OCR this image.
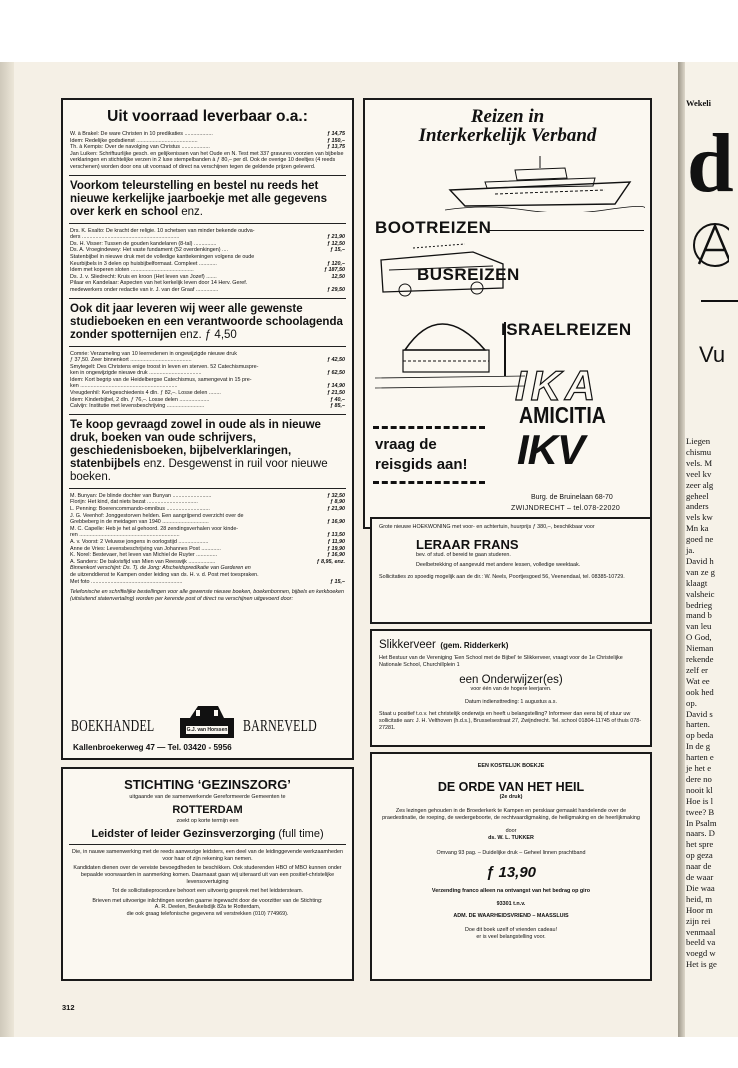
Uit voorraad leverbaar o.a.:
W. à Brakel: De ware Christen in 10 predikaties ...................	ƒ 14,75
Idem: Redelijke godsdienst .........................................	ƒ 150,–
Th. à Kempis: Over de navolging van Christus ...................	ƒ 13,75
Jan Luiken: Schriftuurlijke gesch. en gelijkenissen van het Oude en N. Test met 337 gravures voorzien van bijbelse verklaringen en stichtelijke verzen in 2 luxe stempelbanden à ƒ 80,– per dl. Ook de overige 10 deeltjes (4 reeds verschenen) worden door ons uit voorraad of direct na verschijnen tegen de geldende prijzen geleverd.
Voorkom teleurstelling en bestel nu reeds het nieuwe kerkelijke jaarboekje met alle gegevens over kerk en school enz.
Drs. K. Exalto: De kracht der religie. 10 schetsen van minder bekende oudva-
ders .................................................................	ƒ 21,90
Ds. H. Visser: Tussen de gouden kandelaren (8-tal) ...............	ƒ 12,50
Ds. A. Vroegindewey: Het vaste fundament (52 overdenkingen) ....	ƒ 15,–
Statenbijbel in nieuwe druk met de volledige kanttekeningen volgens de oude
Keurbijbels in 3 delen op huisbijbelformaat. Compleet ............	ƒ 120,–
Idem met koperen sloten ..........................................	ƒ 187,50
Ds. J. v. Sliedrecht: Kruis en kroon (Het leven van Jozef) .......	12,50
Pilaar en Kandelaar: Aspecten van het kerkelijk leven door 14 Herv. Geref.
medewerkers onder redactie van ir. J. van der Graaf ...............	ƒ 29,50
Ook dit jaar leveren wij weer alle gewenste studieboeken en een verantwoorde schoolagenda zonder spotternijen enz. ƒ 4,50
Comrie: Verzameling van 10 leerredenen in ongewijzigde nieuwe druk
ƒ 37,50. Zeer binnenkort .........................................	ƒ 42,50
Smytegelt: Des Christens enige troost in leven en sterven. 52 Catechismuspre-
ken in ongewijzigde nieuwe druk ...................................	ƒ 62,50
Idem: Kort begrip van de Heidelbergse Catechismus, samengevat in 15 pre-
ken .................................................................	ƒ 14,90
Vreugdenhil: Kerkgeschiedenis 4 dln. ƒ 82,–. Losse delen ........	ƒ 21,50
Idem: Kinderbijbel, 2 dln. ƒ 76,–. Losse delen ....................	ƒ 40,–
Calvijn: Institutie met levensbeschrijving .........................	ƒ 85,–
Te koop gevraagd zowel in oude als in nieuwe druk, boeken van oude schrijvers, geschiedenisboeken, bijbelverklaringen, statenbijbels enz. Desgewenst in ruil voor nieuwe boeken.
M. Bunyan: De blinde dochter van Bunyan ..........................	ƒ 32,50
Florijn: Het kind, dat niets bezat ..................................	ƒ 8,90
L. Penning: Boerencommando-omnibus .............................	ƒ 21,90
J. G. Veenhof: Jonggestorven helden. Een aangrijpend overzicht over de
Grebbeberg in de meidagen van 1940 ...............................	ƒ 16,90
M. C. Capelle: Heb je het al gehoord. 28 zendingsverhalen voor kinde-
ren ...................................................................	ƒ 13,50
A. v. Voorst: 2 Veluwse jongens in oorlogstijd ....................	ƒ 11,90
Anne de Vries: Levensbeschrijving van Johannes Post .............	ƒ 19,90
K. Norel: Bestevaer, het leven van Michiel de Ruyter ..............	ƒ 16,90
A. Sanders: De bakvisfijd van Mien van Reeswijk ..................	ƒ 8,95, enz.
Binnenkort verschijnt: Ds. Tj. de Jong: Afscheidspredikatie van Garderen en
de uitzenddienst te Kampen onder leiding van ds. H. v. d. Post met toespraken.
Met foto .............................................................	ƒ 15,–
Telefonische en schriftelijke bestellingen voor alle gewenste nieuwe boeken, boekenbonnen, bijbels en kerkboeken (uitsluitend statenvertaling) worden per kerende post of direct na verschijnen uitgevoerd door:
BOEKHANDEL	G.J. van Horssen BARNEVELD
Kallenbroekerweg 47 — Tel. 03420 - 5956
STICHTING ‘GEZINSZORG’
uitgaande van de samenwerkende Gereformeerde Gemeenten te
ROTTERDAM
zoekt op korte termijn een
Leidster of leider Gezinsverzorging (full time)
Die, in nauwe samenwerking met de reeds aanwezige leidsters, een deel van de leidinggevende werkzaamheden voor haar of zijn rekening kan nemen.
Kandidaten dienen over de vereiste bevoegdheden te beschikken. Ook studerenden HBO of MBO kunnen onder bepaalde voorwaarden in aanmerking komen. Daarnaast gaan wij uiteraard uit van een positief-christelijke levensovertuiging
Tot de sollicitatieprocedure behoort een uitvoerig gesprek met het leidstersteam.
Brieven met uitvoerige inlichtingen worden gaarne ingewacht door de voorzitter van de Stichting:
A. R. Deelen, Beukelsdijk 82a te Rotterdam,
die ook graag telefonische gegevens wil verstrekken (010) 774969).
312
Reizen in
Interkerkelijk Verband
BOOTREIZEN
BUSREIZEN
ISRAELREIZEN
IKA
AMICITIA
IKV
vraag de
reisgids aan!
Burg. de Bruinelaan 68-70
ZWIJNDRECHT – tel.078-22020
Grote nieuwe HOEKWONING met voor- en achtertuin, huurprijs ƒ 380,–, beschikbaar voor
LERAAR FRANS
bev. of stud. of bereid te gaan studeren.
Deelbetrekking of aangevuld met andere lessen, volledige weektaak.
Sollicitaties zo spoedig mogelijk aan de dir.: W. Neels, Poortjesgoed 56, Veenendaal, tel. 08385-10729.
Slikkerveer (gem. Ridderkerk)
Het Bestuur van de Vereniging ‘Een School met de Bijbel’ te Slikkerveer, vraagt voor de 1e Christelijke Nationale School, Churchillplein 1
een Onderwijzer(es)
voor één van de hogere leerjaren.
Datum indiensttreding: 1 augustus a.s.
Staat u positief t.o.v. het christelijk onderwijs en heeft u belangstelling? Informeer dan eens bij of stuur uw sollicitatie aan: J. H. Velthoven (h.d.s.), Brusselsestraat 27, Zwijndrecht. Tel. school 01804-11745 of thuis 078-27281.
EEN KOSTELIJK BOEKJE
DE ORDE VAN HET HEIL
(2e druk)
Zes lezingen gehouden in de Broederkerk te Kampen en perskiaar gemaakt handelende over de praedestinatie, de roeping, de wedergeboorte, de rechtvaardigmaking, de heiligmaking en de heerlijkmaking
door
ds. W. L. TUKKER
Omvang 93 pag. – Duidelijke druk – Geheel linnen prachtband
ƒ 13,90
Verzending franco alleen na ontvangst van het bedrag op giro
93301 t.n.v.
ADM. DE WAARHEIDSVRIEND – MAASSLUIS
Doe dit boek uzelf of vrienden cadeau!
er is veel belangstelling voor.
Wekeli
d
Vu
Liegen
chismu
vels. M
veel kv
zeer alg
geheel
anders
vels kw
Mn ka
goed ne
ja.
David h
van ze g
klaagt
valsheic
bedrieg
mand b
van leu
O God,
Nieman
rekende
zelf er
Wat ee
ook hed
op.
David s
harten.
op beda
In de g
harten e
je het e
dere no
nooit kl
Hoe is l
twee? B
In Psalm
naars. D
het spre
op geza
naar de
de waar
Die waa
heid, m
Hoor m
zijn rei
venmaal
beeld va
voegd w
Het is ge
